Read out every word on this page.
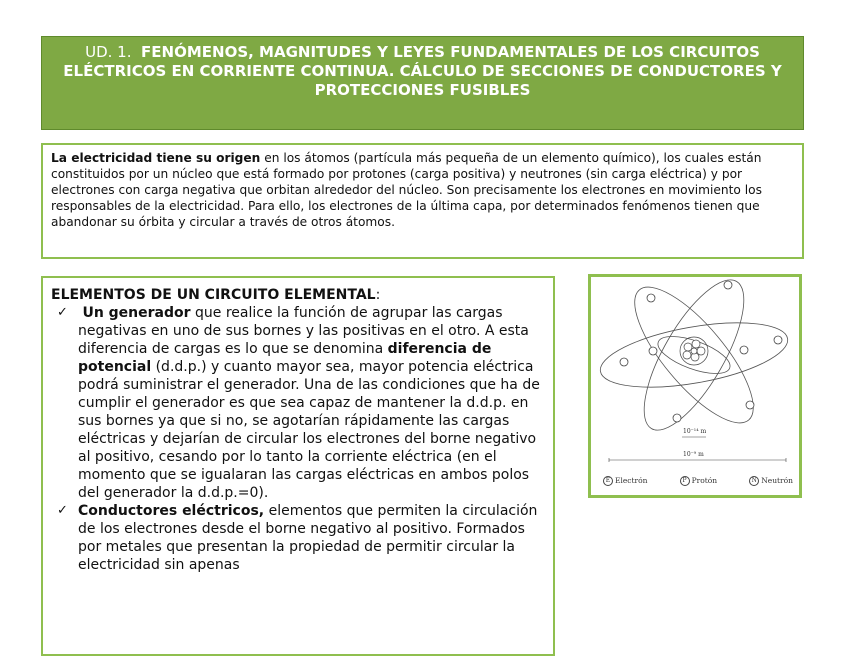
UD. 1. FENÓMENOS, MAGNITUDES Y LEYES FUNDAMENTALES DE LOS CIRCUITOS ELÉCTRICOS EN CORRIENTE CONTINUA. CÁLCULO DE SECCIONES DE CONDUCTORES Y PROTECCIONES FUSIBLES
La electricidad tiene su origen en los átomos (partícula más pequeña de un elemento químico), los cuales están constituidos por un núcleo que está formado por protones (carga positiva) y neutrones (sin carga eléctrica) y por electrones con carga negativa que orbitan alrededor del núcleo. Son precisamente los electrones en movimiento los responsables de la electricidad. Para ello, los electrones de la última capa, por determinados fenómenos tienen que abandonar su órbita y circular a través de otros átomos.
ELEMENTOS DE UN CIRCUITO ELEMENTAL:
✓ Un generador que realice la función de agrupar las cargas negativas en uno de sus bornes y las positivas en el otro. A esta diferencia de cargas es lo que se denomina diferencia de potencial (d.d.p.) y cuanto mayor sea, mayor potencia eléctrica podrá suministrar el generador. Una de las condiciones que ha de cumplir el generador es que sea capaz de mantener la d.d.p. en sus bornes ya que si no, se agotarían rápidamente las cargas eléctricas y dejarían de circular los electrones del borne negativo al positivo, cesando por lo tanto la corriente eléctrica (en el momento que se igualaran las cargas eléctricas en ambos polos del generador la d.d.p.=0).
✓ Conductores eléctricos, elementos que permiten la circulación de los electrones desde el borne negativo al positivo. Formados por metales que presentan la propiedad de permitir circular la electricidad sin apenas
10⁻¹⁴ m
10⁻⁹ m
E Electrón	P Protón	N Neutrón
